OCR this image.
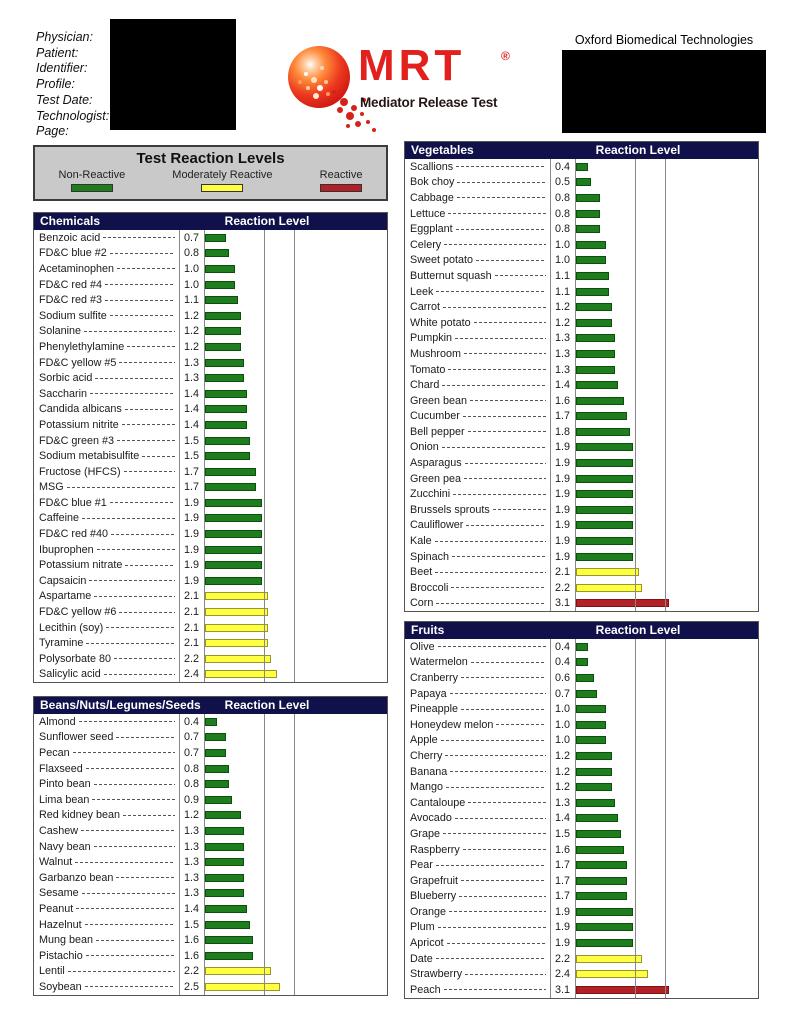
Physician:
Patient:
Identifier:
Profile:
Test Date:
Technologist:
Page:
MRT	®
Mediator Release Test
Oxford Biomedical Technologies
Test Reaction Levels
Non-Reactive	Moderately Reactive	Reactive
Chemicals	Reaction Level
Benzoic acid	0.7
FD&C blue #2	0.8
Acetaminophen	1.0
FD&C red #4	1.0
FD&C red #3	1.1
Sodium sulfite	1.2
Solanine	1.2
Phenylethylamine	1.2
FD&C yellow #5	1.3
Sorbic acid	1.3
Saccharin	1.4
Candida albicans	1.4
Potassium nitrite	1.4
FD&C green #3	1.5
Sodium metabisulfite	1.5
Fructose (HFCS)	1.7
MSG	1.7
FD&C blue #1	1.9
Caffeine	1.9
FD&C red #40	1.9
Ibuprophen	1.9
Potassium nitrate	1.9
Capsaicin	1.9
Aspartame	2.1
FD&C yellow #6	2.1
Lecithin (soy)	2.1
Tyramine	2.1
Polysorbate 80	2.2
Salicylic acid	2.4
Beans/Nuts/Legumes/Seeds Reaction Level
Almond	0.4
Sunflower seed	0.7
Pecan	0.7
Flaxseed	0.8
Pinto bean	0.8
Lima bean	0.9
Red kidney bean	1.2
Cashew	1.3
Navy bean	1.3
Walnut	1.3
Garbanzo bean	1.3
Sesame	1.3
Peanut	1.4
Hazelnut	1.5
Mung bean	1.6
Pistachio	1.6
Lentil	2.2
Soybean	2.5
Vegetables	Reaction Level
Scallions	0.4
Bok choy	0.5
Cabbage	0.8
Lettuce	0.8
Eggplant	0.8
Celery	1.0
Sweet potato	1.0
Butternut squash	1.1
Leek	1.1
Carrot	1.2
White potato	1.2
Pumpkin	1.3
Mushroom	1.3
Tomato	1.3
Chard	1.4
Green bean	1.6
Cucumber	1.7
Bell pepper	1.8
Onion	1.9
Asparagus	1.9
Green pea	1.9
Zucchini	1.9
Brussels sprouts	1.9
Cauliflower	1.9
Kale	1.9
Spinach	1.9
Beet	2.1
Broccoli	2.2
Corn	3.1
Fruits	Reaction Level
Olive	0.4
Watermelon	0.4
Cranberry	0.6
Papaya	0.7
Pineapple	1.0
Honeydew melon	1.0
Apple	1.0
Cherry	1.2
Banana	1.2
Mango	1.2
Cantaloupe	1.3
Avocado	1.4
Grape	1.5
Raspberry	1.6
Pear	1.7
Grapefruit	1.7
Blueberry	1.7
Orange	1.9
Plum	1.9
Apricot	1.9
Date	2.2
Strawberry	2.4
Peach	3.1
